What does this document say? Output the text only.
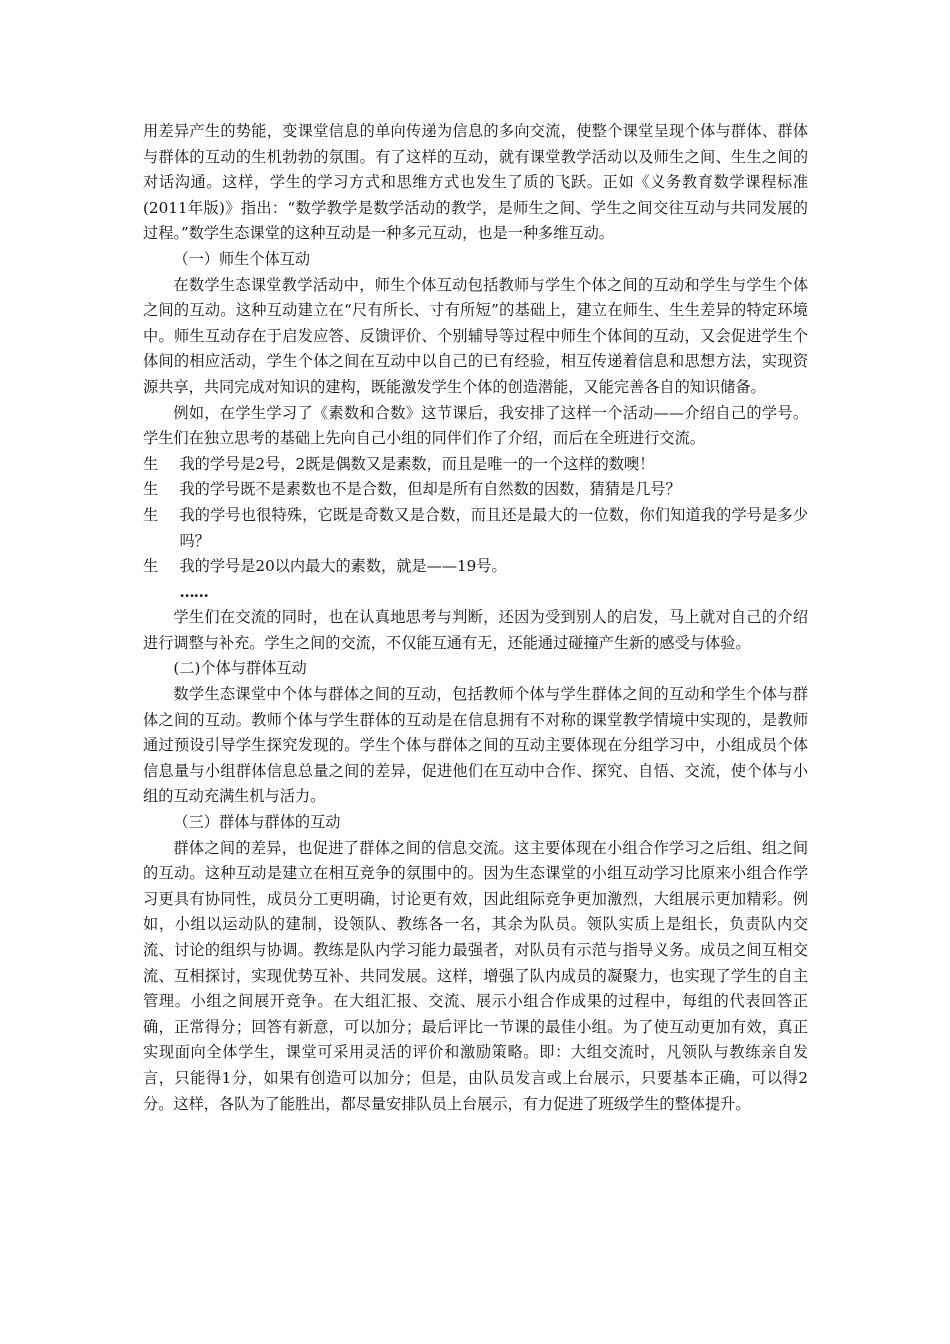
用差异产生的势能，变课堂信息的单向传递为信息的多向交流，使整个课堂呈现个体与群体、群体与群体的互动的生机勃勃的氛围。有了这样的互动，就有课堂教学活动以及师生之间、生生之间的对话沟通。这样，学生的学习方式和思维方式也发生了质的飞跃。正如《义务教育数学课程标准(2011年版)》指出：“数学教学是数学活动的教学，是师生之间、学生之间交往互动与共同发展的过程。”数学生态课堂的这种互动是一种多元互动，也是一种多维互动。

（一）师生个体互动

在数学生态课堂教学活动中，师生个体互动包括教师与学生个体之间的互动和学生与学生个体之间的互动。这种互动建立在“尺有所长、寸有所短”的基础上，建立在师生、生生差异的特定环境中。师生互动存在于启发应答、反馈评价、个别辅导等过程中师生个体间的互动，又会促进学生个体间的相应活动，学生个体之间在互动中以自己的已有经验，相互传递着信息和思想方法，实现资源共享，共同完成对知识的建构，既能激发学生个体的创造潜能，又能完善各自的知识储备。

例如，在学生学习了《素数和合数》这节课后，我安排了这样一个活动——介绍自己的学号。学生们在独立思考的基础上先向自己小组的同伴们作了介绍，而后在全班进行交流。

生	我的学号是2号，2既是偶数又是素数，而且是唯一的一个这样的数噢！
生	我的学号既不是素数也不是合数，但却是所有自然数的因数，猜猜是几号？
生	我的学号也很特殊，它既是奇数又是合数，而且还是最大的一位数，你们知道我的学号是多少吗？
生	我的学号是20以内最大的素数，就是——19号。

……

学生们在交流的同时，也在认真地思考与判断，还因为受到别人的启发，马上就对自己的介绍进行调整与补充。学生之间的交流，不仅能互通有无，还能通过碰撞产生新的感受与体验。

(二)个体与群体互动

数学生态课堂中个体与群体之间的互动，包括教师个体与学生群体之间的互动和学生个体与群体之间的互动。教师个体与学生群体的互动是在信息拥有不对称的课堂教学情境中实现的，是教师通过预设引导学生探究发现的。学生个体与群体之间的互动主要体现在分组学习中，小组成员个体信息量与小组群体信息总量之间的差异，促进他们在互动中合作、探究、自悟、交流，使个体与小组的互动充满生机与活力。

（三）群体与群体的互动

群体之间的差异，也促进了群体之间的信息交流。这主要体现在小组合作学习之后组、组之间的互动。这种互动是建立在相互竞争的氛围中的。因为生态课堂的小组互动学习比原来小组合作学习更具有协同性，成员分工更明确，讨论更有效，因此组际竞争更加激烈，大组展示更加精彩。例如，小组以运动队的建制，设领队、教练各一名，其余为队员。领队实质上是组长，负责队内交流、讨论的组织与协调。教练是队内学习能力最强者，对队员有示范与指导义务。成员之间互相交流、互相探讨，实现优势互补、共同发展。这样，增强了队内成员的凝聚力，也实现了学生的自主管理。小组之间展开竞争。在大组汇报、交流、展示小组合作成果的过程中，每组的代表回答正确，正常得分；回答有新意，可以加分；最后评比一节课的最佳小组。为了使互动更加有效，真正实现面向全体学生，课堂可采用灵活的评价和激励策略。即：大组交流时，凡领队与教练亲自发言，只能得1分，如果有创造可以加分；但是，由队员发言或上台展示，只要基本正确，可以得2分。这样，各队为了能胜出，都尽量安排队员上台展示，有力促进了班级学生的整体提升。
